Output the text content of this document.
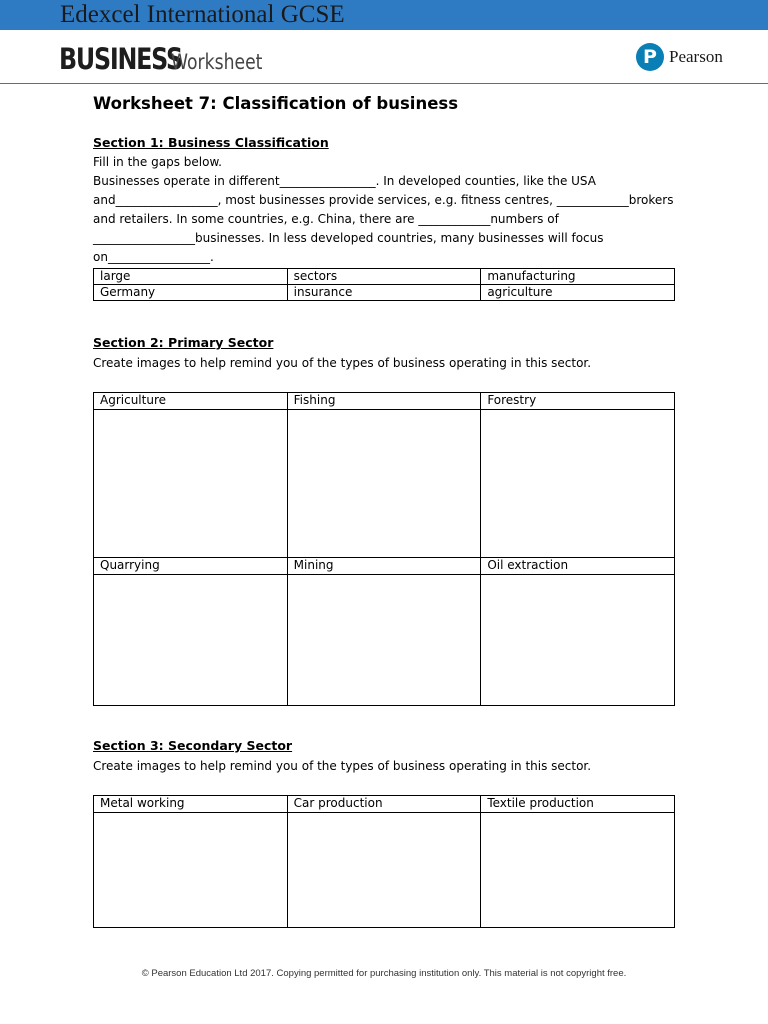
Edexcel International GCSE
BUSINESS
Worksheet	P Pearson
Worksheet 7: Classification of business
Section 1: Business Classification
Fill in the gaps below.
Businesses operate in different________________. In developed counties, like the USA
and_________________, most businesses provide services, e.g. fitness centres, ____________brokers
and retailers. In some countries, e.g. China, there are ____________numbers of
_________________businesses. In less developed countries, many businesses will focus
on_________________.
large	sectors	manufacturing
Germany	insurance	agriculture
Section 2: Primary Sector
Create images to help remind you of the types of business operating in this sector.
Agriculture	Fishing	Forestry

Quarrying	Mining	Oil extraction

Section 3: Secondary Sector
Create images to help remind you of the types of business operating in this sector.
Metal working	Car production	Textile production

© Pearson Education Ltd 2017. Copying permitted for purchasing institution only. This material is not copyright free.
